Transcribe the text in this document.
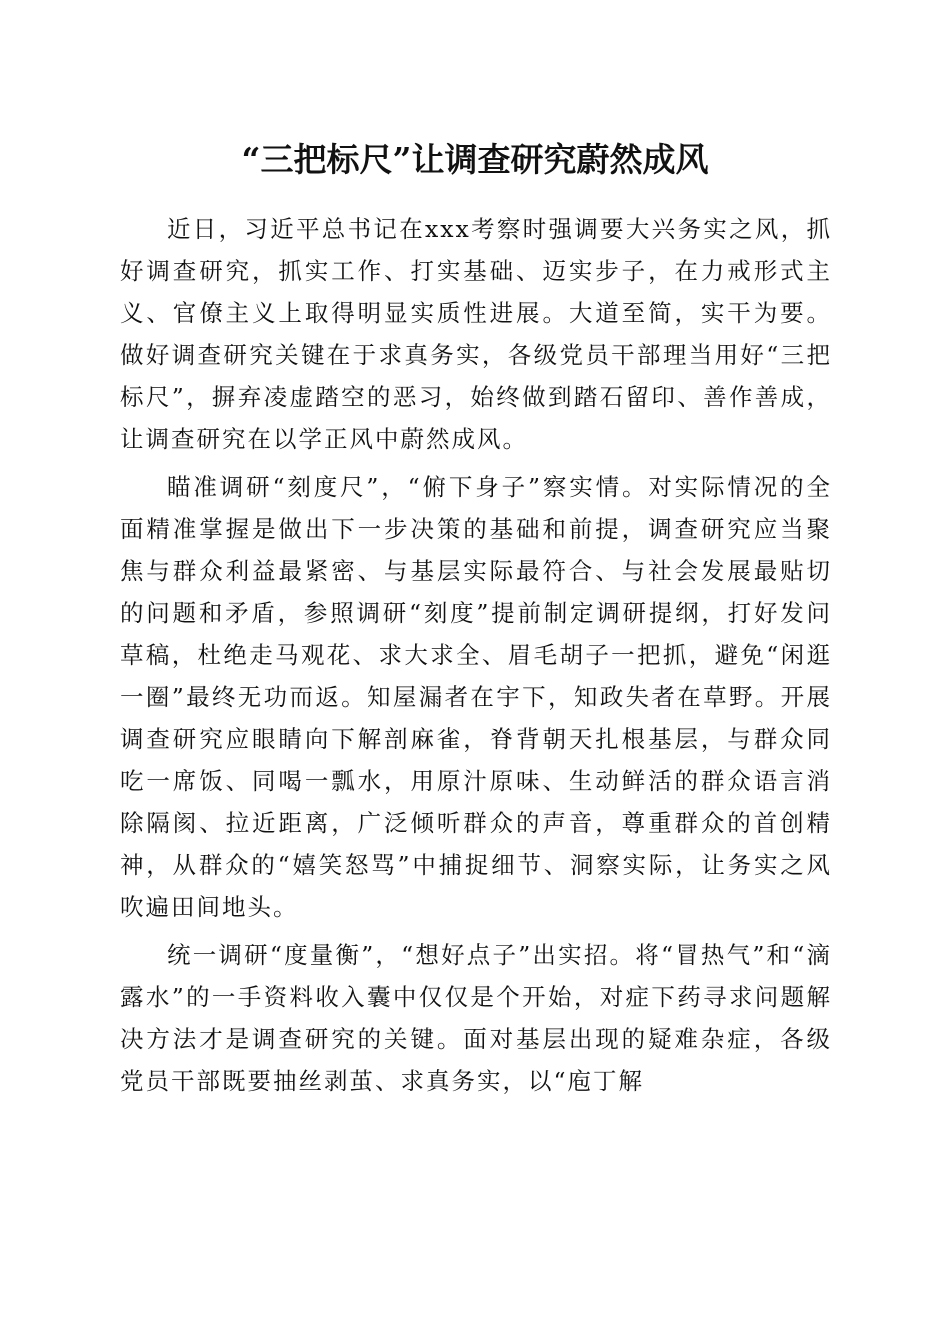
“三把标尺”让调查研究蔚然成风

近日，习近平总书记在xxx考察时强调要大兴务实之风，抓好调查研究，抓实工作、打实基础、迈实步子，在力戒形式主义、官僚主义上取得明显实质性进展。大道至简，实干为要。做好调查研究关键在于求真务实，各级党员干部理当用好“三把标尺”，摒弃凌虚踏空的恶习，始终做到踏石留印、善作善成，让调查研究在以学正风中蔚然成风。

瞄准调研“刻度尺”，“俯下身子”察实情。对实际情况的全面精准掌握是做出下一步决策的基础和前提，调查研究应当聚焦与群众利益最紧密、与基层实际最符合、与社会发展最贴切的问题和矛盾，参照调研“刻度”提前制定调研提纲，打好发问草稿，杜绝走马观花、求大求全、眉毛胡子一把抓，避免“闲逛一圈”最终无功而返。知屋漏者在宇下，知政失者在草野。开展调查研究应眼睛向下解剖麻雀，脊背朝天扎根基层，与群众同吃一席饭、同喝一瓢水，用原汁原味、生动鲜活的群众语言消除隔阂、拉近距离，广泛倾听群众的声音，尊重群众的首创精神，从群众的“嬉笑怒骂”中捕捉细节、洞察实际，让务实之风吹遍田间地头。

统一调研“度量衡”，“想好点子”出实招。将“冒热气”和“滴露水”的一手资料收入囊中仅仅是个开始，对症下药寻求问题解决方法才是调查研究的关键。面对基层出现的疑难杂症，各级党员干部既要抽丝剥茧、求真务实，以“庖丁解
